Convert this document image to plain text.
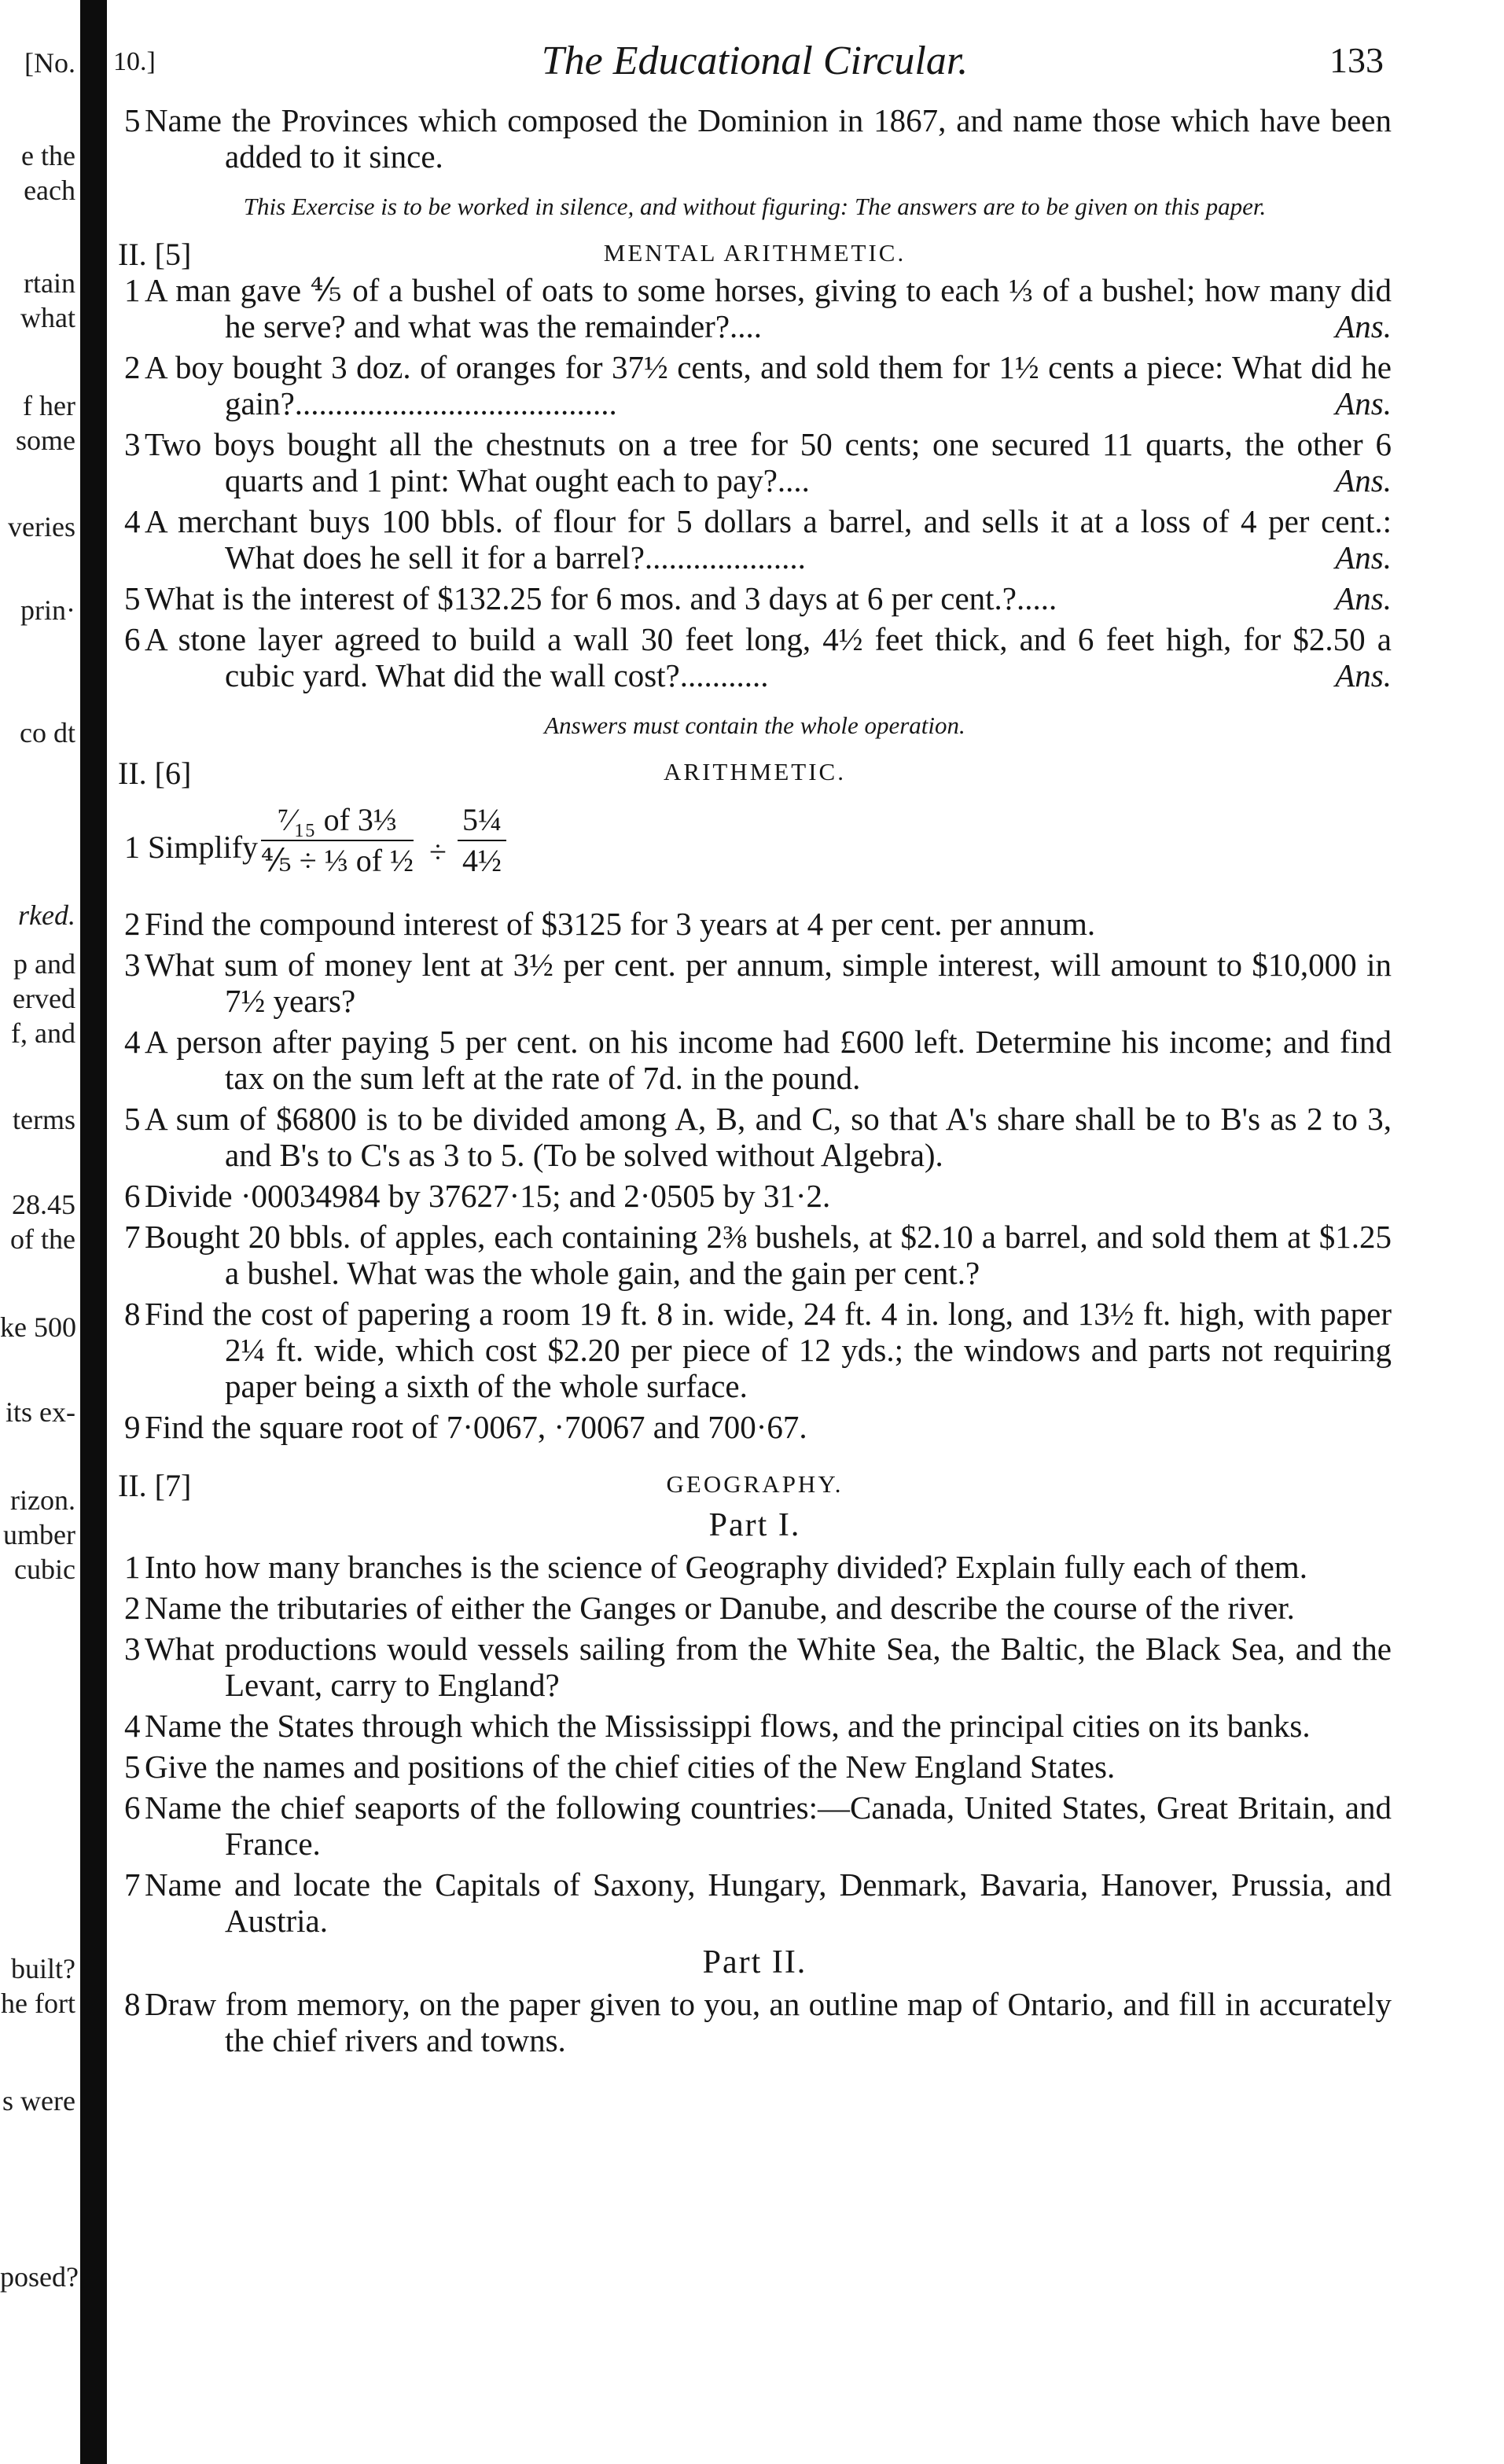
[No.
e the
each
rtain
what
f her
some
veries
prin·
co dt
rked.
p and
erved
f, and
terms
28.45
of the
ke 500
its ex-
rizon.
umber
cubic
built?
he fort
s were
posed?
10.]	The Educational Circular.	133

5 Name the Provinces which composed the Dominion in 1867, and name those which have been added to it since.

This Exercise is to be worked in silence, and without figuring: The answers are to be given on this paper.
II. [5]	MENTAL ARITHMETIC.

1 A man gave ⅘ of a bushel of oats to some horses, giving to each ⅓ of a bushel; how many did he serve? and what was the remainder?....	Ans.

2 A boy bought 3 doz. of oranges for 37½ cents, and sold them for 1½ cents a piece: What did he gain?........................................	Ans.

3 Two boys bought all the chestnuts on a tree for 50 cents; one secured 11 quarts, the other 6 quarts and 1 pint: What ought each to pay?....	Ans.

4 A merchant buys 100 bbls. of flour for 5 dollars a barrel, and sells it at a loss of 4 per cent.: What does he sell it for a barrel?....................	Ans.

5 What is the interest of $132.25 for 6 mos. and 3 days at 6 per cent.?.....	Ans.

6 A stone layer agreed to build a wall 30 feet long, 4½ feet thick, and 6 feet high, for $2.50 a cubic yard. What did the wall cost?...........	Ans.

Answers must contain the whole operation.
II. [6]	ARITHMETIC.
1 Simplify $\frac{\text{⁷⁄₁₅ of 3⅓}}{\text{⅘ ÷ ⅓ of ½}} \div \frac{\text{5¼}}{\text{4½}}$

2 Find the compound interest of $3125 for 3 years at 4 per cent. per annum.

3 What sum of money lent at 3½ per cent. per annum, simple interest, will amount to $10,000 in 7½ years?

4 A person after paying 5 per cent. on his income had £600 left. Determine his income; and find tax on the sum left at the rate of 7d. in the pound.

5 A sum of $6800 is to be divided among A, B, and C, so that A's share shall be to B's as 2 to 3, and B's to C's as 3 to 5. (To be solved without Algebra).

6 Divide ·00034984 by 37627·15; and 2·0505 by 31·2.

7 Bought 20 bbls. of apples, each containing 2⅜ bushels, at $2.10 a barrel, and sold them at $1.25 a bushel. What was the whole gain, and the gain per cent.?

8 Find the cost of papering a room 19 ft. 8 in. wide, 24 ft. 4 in. long, and 13½ ft. high, with paper 2¼ ft. wide, which cost $2.20 per piece of 12 yds.; the windows and parts not requiring paper being a sixth of the whole surface.

9 Find the square root of 7·0067, ·70067 and 700·67.

II. [7]	GEOGRAPHY.
Part I.

1 Into how many branches is the science of Geography divided? Explain fully each of them.

2 Name the tributaries of either the Ganges or Danube, and describe the course of the river.

3 What productions would vessels sailing from the White Sea, the Baltic, the Black Sea, and the Levant, carry to England?

4 Name the States through which the Mississippi flows, and the principal cities on its banks.

5 Give the names and positions of the chief cities of the New England States.

6 Name the chief seaports of the following countries:—Canada, United States, Great Britain, and France.

7 Name and locate the Capitals of Saxony, Hungary, Denmark, Bavaria, Hanover, Prussia, and Austria.

Part II.

8 Draw from memory, on the paper given to you, an outline map of Ontario, and fill in accurately the chief rivers and towns.
